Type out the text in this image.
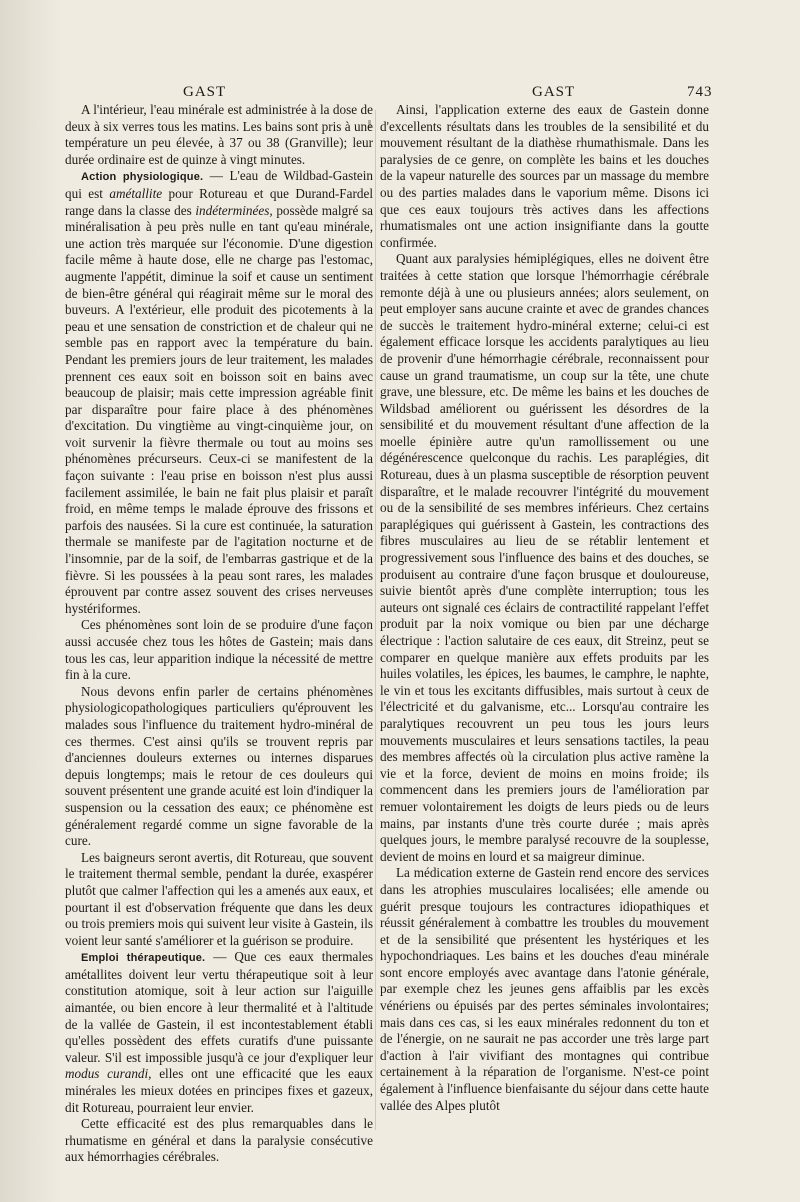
GAST	GAST	743

A l'intérieur, l'eau minérale est administrée à la dose de deux à six verres tous les matins. Les bains sont pris à une température un peu élevée, à 37 ou 38 (Granville); leur durée ordinaire est de quinze à vingt minutes.

Action physiologique. — L'eau de Wildbad-Gastein qui est amétallite pour Rotureau et que Durand-Fardel range dans la classe des indéterminées, possède malgré sa minéralisation à peu près nulle en tant qu'eau minérale, une action très marquée sur l'économie. D'une digestion facile même à haute dose, elle ne charge pas l'estomac, augmente l'appétit, diminue la soif et cause un sentiment de bien-être général qui réagirait même sur le moral des buveurs. A l'extérieur, elle produit des picotements à la peau et une sensation de constriction et de chaleur qui ne semble pas en rapport avec la température du bain. Pendant les premiers jours de leur traitement, les malades prennent ces eaux soit en boisson soit en bains avec beaucoup de plaisir; mais cette impression agréable finit par disparaître pour faire place à des phénomènes d'excitation. Du vingtième au vingt-cinquième jour, on voit survenir la fièvre thermale ou tout au moins ses phénomènes précurseurs. Ceux-ci se manifestent de la façon suivante : l'eau prise en boisson n'est plus aussi facilement assimilée, le bain ne fait plus plaisir et paraît froid, en même temps le malade éprouve des frissons et parfois des nausées. Si la cure est continuée, la saturation thermale se manifeste par de l'agitation nocturne et de l'insomnie, par de la soif, de l'embarras gastrique et de la fièvre. Si les poussées à la peau sont rares, les malades éprouvent par contre assez souvent des crises nerveuses hystériformes.

Ces phénomènes sont loin de se produire d'une façon aussi accusée chez tous les hôtes de Gastein; mais dans tous les cas, leur apparition indique la nécessité de mettre fin à la cure.

Nous devons enfin parler de certains phénomènes physiologicopathologiques particuliers qu'éprouvent les malades sous l'influence du traitement hydro-minéral de ces thermes. C'est ainsi qu'ils se trouvent repris par d'anciennes douleurs externes ou internes disparues depuis longtemps; mais le retour de ces douleurs qui souvent présentent une grande acuité est loin d'indiquer la suspension ou la cessation des eaux; ce phénomène est généralement regardé comme un signe favorable de la cure.

Les baigneurs seront avertis, dit Rotureau, que souvent le traitement thermal semble, pendant la durée, exaspérer plutôt que calmer l'affection qui les a amenés aux eaux, et pourtant il est d'observation fréquente que dans les deux ou trois premiers mois qui suivent leur visite à Gastein, ils voient leur santé s'améliorer et la guérison se produire.

Emploi thérapeutique. — Que ces eaux thermales amétallites doivent leur vertu thérapeutique soit à leur constitution atomique, soit à leur action sur l'aiguille aimantée, ou bien encore à leur thermalité et à l'altitude de la vallée de Gastein, il est incontestablement établi qu'elles possèdent des effets curatifs d'une puissante valeur. S'il est impossible jusqu'à ce jour d'expliquer leur modus curandi, elles ont une efficacité que les eaux minérales les mieux dotées en principes fixes et gazeux, dit Rotureau, pourraient leur envier.

Cette efficacité est des plus remarquables dans le rhumatisme en général et dans la paralysie consécutive aux hémorrhagies cérébrales.

Ainsi, l'application externe des eaux de Gastein donne d'excellents résultats dans les troubles de la sensibilité et du mouvement résultant de la diathèse rhumathismale. Dans les paralysies de ce genre, on complète les bains et les douches de la vapeur naturelle des sources par un massage du membre ou des parties malades dans le vaporium même. Disons ici que ces eaux toujours très actives dans les affections rhumatismales ont une action insignifiante dans la goutte confirmée.

Quant aux paralysies hémiplégiques, elles ne doivent être traitées à cette station que lorsque l'hémorrhagie cérébrale remonte déjà à une ou plusieurs années; alors seulement, on peut employer sans aucune crainte et avec de grandes chances de succès le traitement hydro-minéral externe; celui-ci est également efficace lorsque les accidents paralytiques au lieu de provenir d'une hémorrhagie cérébrale, reconnaissent pour cause un grand traumatisme, un coup sur la tête, une chute grave, une blessure, etc. De même les bains et les douches de Wildsbad améliorent ou guérissent les désordres de la sensibilité et du mouvement résultant d'une affection de la moelle épinière autre qu'un ramollissement ou une dégénérescence quelconque du rachis. Les paraplégies, dit Rotureau, dues à un plasma susceptible de résorption peuvent disparaître, et le malade recouvrer l'intégrité du mouvement ou de la sensibilité de ses membres inférieurs. Chez certains paraplégiques qui guérissent à Gastein, les contractions des fibres musculaires au lieu de se rétablir lentement et progressivement sous l'influence des bains et des douches, se produisent au contraire d'une façon brusque et douloureuse, suivie bientôt après d'une complète interruption; tous les auteurs ont signalé ces éclairs de contractilité rappelant l'effet produit par la noix vomique ou bien par une décharge électrique : l'action salutaire de ces eaux, dit Streinz, peut se comparer en quelque manière aux effets produits par les huiles volatiles, les épices, les baumes, le camphre, le naphte, le vin et tous les excitants diffusibles, mais surtout à ceux de l'électricité et du galvanisme, etc... Lorsqu'au contraire les paralytiques recouvrent un peu tous les jours leurs mouvements musculaires et leurs sensations tactiles, la peau des membres affectés où la circulation plus active ramène la vie et la force, devient de moins en moins froide; ils commencent dans les premiers jours de l'amélioration par remuer volontairement les doigts de leurs pieds ou de leurs mains, par instants d'une très courte durée ; mais après quelques jours, le membre paralysé recouvre de la souplesse, devient de moins en lourd et sa maigreur diminue.

La médication externe de Gastein rend encore des services dans les atrophies musculaires localisées; elle amende ou guérit presque toujours les contractures idiopathiques et réussit généralement à combattre les troubles du mouvement et de la sensibilité que présentent les hystériques et les hypochondriaques. Les bains et les douches d'eau minérale sont encore employés avec avantage dans l'atonie générale, par exemple chez les jeunes gens affaiblis par les excès vénériens ou épuisés par des pertes séminales involontaires; mais dans ces cas, si les eaux minérales redonnent du ton et de l'énergie, on ne saurait ne pas accorder une très large part d'action à l'air vivifiant des montagnes qui contribue certainement à la réparation de l'organisme. N'est-ce point également à l'influence bienfaisante du séjour dans cette haute vallée des Alpes plutôt
